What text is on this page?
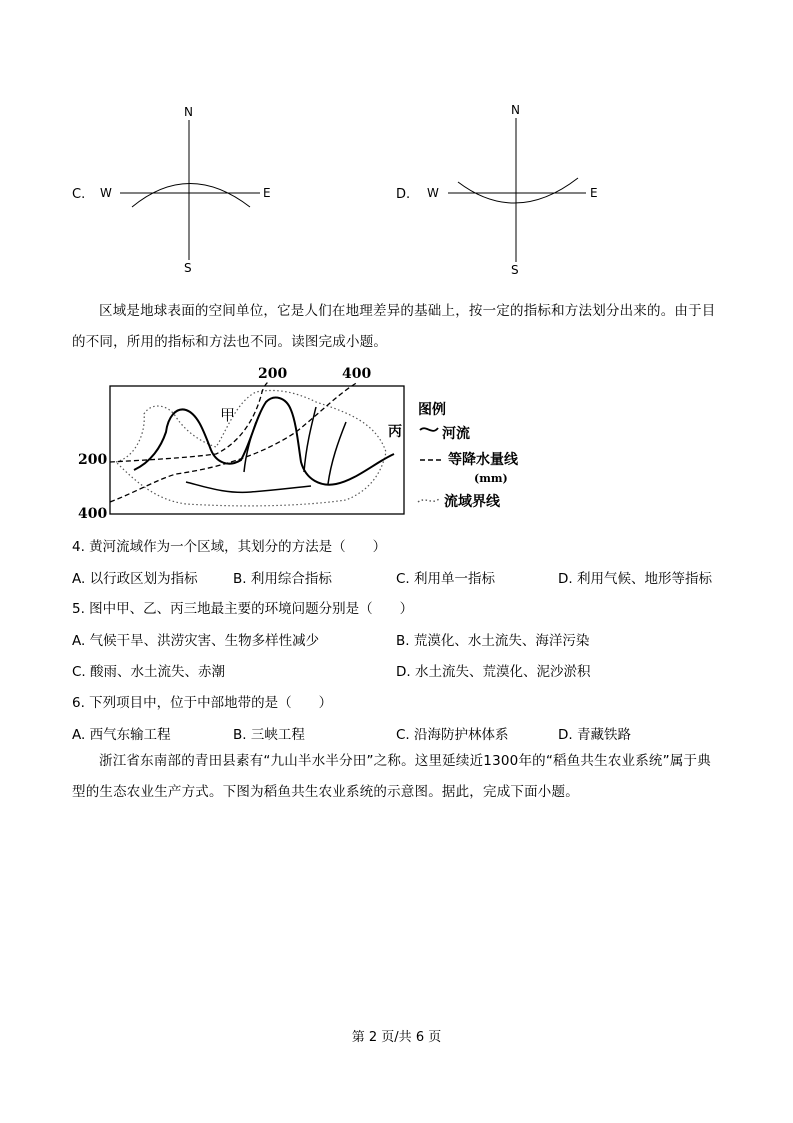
C.
N
S
W	E	D.
N
S
W	E
区域是地球表面的空间单位，它是人们在地理差异的基础上，按一定的指标和方法划分出来的。由于目的不同，所用的指标和方法也不同。读图完成小题。
200	400
200
400
甲
丙
图例
河流
等降水量线
(mm)
流域界线
4. 黄河流域作为一个区域，其划分的方法是（　　）
A. 以行政区划为指标	B. 利用综合指标	C. 利用单一指标	D. 利用气候、地形等指标
5. 图中甲、乙、丙三地最主要的环境问题分别是（　　）
A. 气候干旱、洪涝灾害、生物多样性减少	B. 荒漠化、水土流失、海洋污染
C. 酸雨、水土流失、赤潮	D. 水土流失、荒漠化、泥沙淤积
6. 下列项目中，位于中部地带的是（　　）
A. 西气东输工程	B. 三峡工程	C. 沿海防护林体系	D. 青藏铁路
浙江省东南部的青田县素有“九山半水半分田”之称。这里延续近1300年的“稻鱼共生农业系统”属于典型的生态农业生产方式。下图为稻鱼共生农业系统的示意图。据此，完成下面小题。
第 2 页/共 6 页
